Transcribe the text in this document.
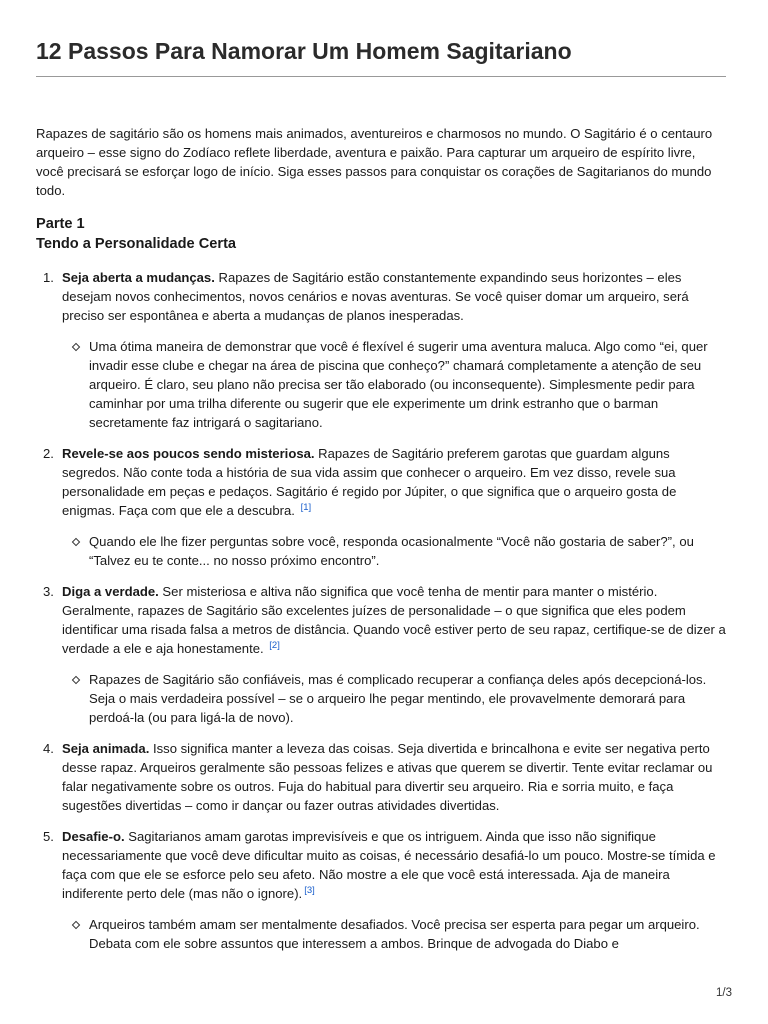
12 Passos Para Namorar Um Homem Sagitariano

Rapazes de sagitário são os homens mais animados, aventureiros e charmosos no mundo. O Sagitário é o centauro arqueiro – esse signo do Zodíaco reflete liberdade, aventura e paixão. Para capturar um arqueiro de espírito livre, você precisará se esforçar logo de início. Siga esses passos para conquistar os corações de Sagitarianos do mundo todo.

Parte 1
Tendo a Personalidade Certa
1. Seja aberta a mudanças. Rapazes de Sagitário estão constantemente expandindo seus horizontes – eles desejam novos conhecimentos, novos cenários e novas aventuras. Se você quiser domar um arqueiro, será preciso ser espontânea e aberta a mudanças de planos inesperadas.
Uma ótima maneira de demonstrar que você é flexível é sugerir uma aventura maluca. Algo como “ei, quer invadir esse clube e chegar na área de piscina que conheço?” chamará completamente a atenção de seu arqueiro. É claro, seu plano não precisa ser tão elaborado (ou inconsequente). Simplesmente pedir para caminhar por uma trilha diferente ou sugerir que ele experimente um drink estranho que o barman secretamente faz intrigará o sagitariano.
2. Revele-se aos poucos sendo misteriosa. Rapazes de Sagitário preferem garotas que guardam alguns segredos. Não conte toda a história de sua vida assim que conhecer o arqueiro. Em vez disso, revele sua personalidade em peças e pedaços. Sagitário é regido por Júpiter, o que significa que o arqueiro gosta de enigmas. Faça com que ele a descubra. [1]
Quando ele lhe fizer perguntas sobre você, responda ocasionalmente “Você não gostaria de saber?”, ou “Talvez eu te conte... no nosso próximo encontro”.
3. Diga a verdade. Ser misteriosa e altiva não significa que você tenha de mentir para manter o mistério. Geralmente, rapazes de Sagitário são excelentes juízes de personalidade – o que significa que eles podem identificar uma risada falsa a metros de distância. Quando você estiver perto de seu rapaz, certifique-se de dizer a verdade a ele e aja honestamente. [2]
Rapazes de Sagitário são confiáveis, mas é complicado recuperar a confiança deles após decepcioná-los. Seja o mais verdadeira possível – se o arqueiro lhe pegar mentindo, ele provavelmente demorará para perdoá-la (ou para ligá-la de novo).
4. Seja animada. Isso significa manter a leveza das coisas. Seja divertida e brincalhona e evite ser negativa perto desse rapaz. Arqueiros geralmente são pessoas felizes e ativas que querem se divertir. Tente evitar reclamar ou falar negativamente sobre os outros. Fuja do habitual para divertir seu arqueiro. Ria e sorria muito, e faça sugestões divertidas – como ir dançar ou fazer outras atividades divertidas.
5. Desafie-o. Sagitarianos amam garotas imprevisíveis e que os intriguem. Ainda que isso não signifique necessariamente que você deve dificultar muito as coisas, é necessário desafiá-lo um pouco. Mostre-se tímida e faça com que ele se esforce pelo seu afeto. Não mostre a ele que você está interessada. Aja de maneira indiferente perto dele (mas não o ignore). [3]
Arqueiros também amam ser mentalmente desafiados. Você precisa ser esperta para pegar um arqueiro. Debata com ele sobre assuntos que interessem a ambos. Brinque de advogada do Diabo e
1/3
